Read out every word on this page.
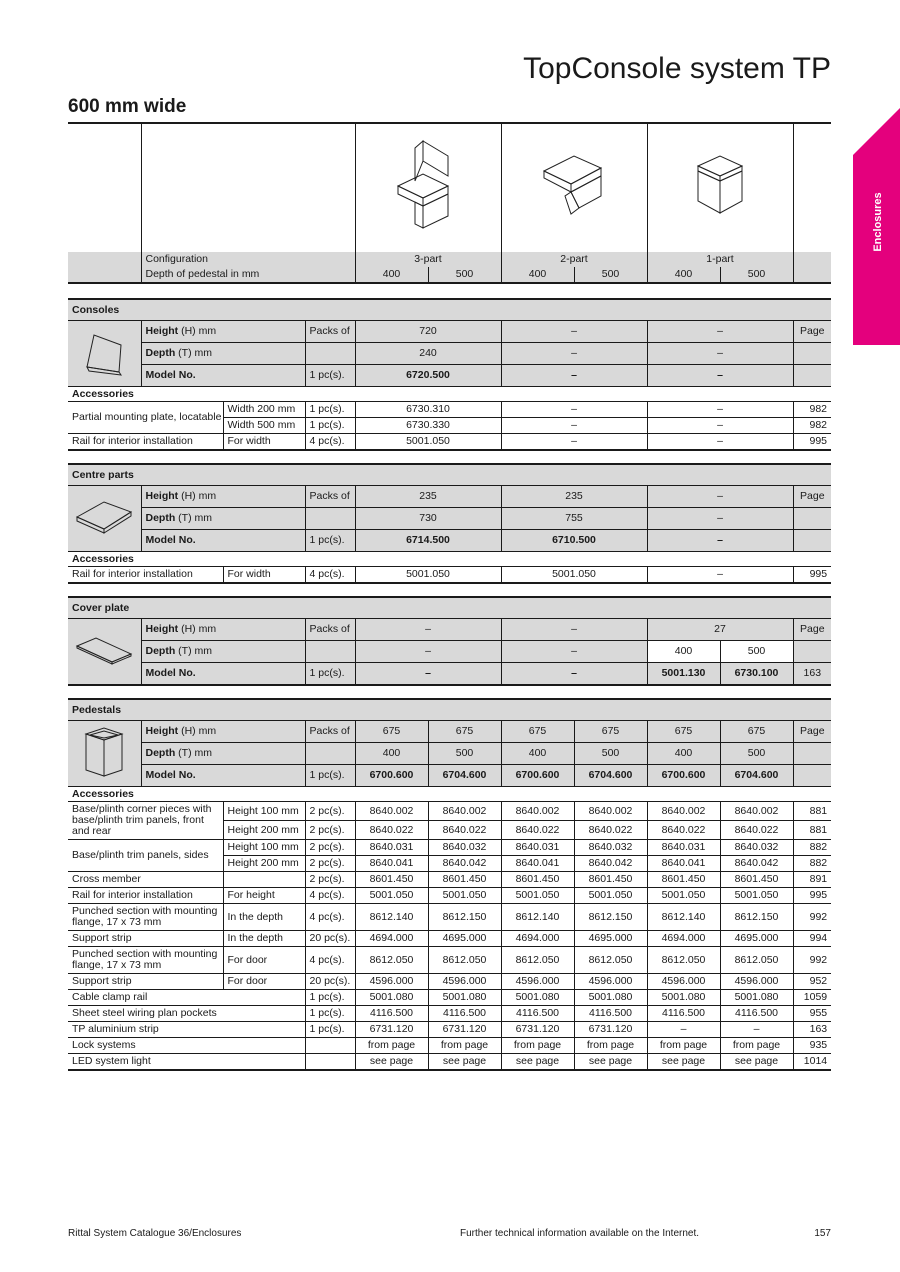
TopConsole system TP
600 mm wide
Enclosures

	Configuration	3-part		2-part		1-part		
	Depth of pedestal in mm	400	500	400	500	400	500	
Consoles							
	Height (H) mm		Packs of	720	–	–	Page
	Depth (T) mm			240	–	–	
	Model No.		1 pc(s).	6720.500	–	–	
Accessories							
Partial mounting plate, locatable		Width 200 mm	1 pc(s).	6730.310	–	–	982
		Width 500 mm	1 pc(s).	6730.330	–	–	982
Rail for interior installation		For width	4 pc(s).	5001.050	–	–	995
Centre parts							
	Height (H) mm		Packs of	235	235	–	Page
	Depth (T) mm			730	755	–	
	Model No.		1 pc(s).	6714.500	6710.500	–	
Accessories							
Rail for interior installation		For width	4 pc(s).	5001.050	5001.050	–	995
Cover plate							
	Height (H) mm	Packs of	–	–	27		Page
	Depth (T) mm		–	–	400	500	
	Model No.	1 pc(s).	–	–	5001.130	6730.100	163
Pedestals										
	Height (H) mm		Packs of	675	675	675	675	675	675	Page
	Depth (T) mm			400	500	400	500	400	500	
	Model No.		1 pc(s).	6700.600	6704.600	6700.600	6704.600	6700.600	6704.600	
Accessories										
Base/plinth corner pieces with base/plinth trim panels, front and rear		Height 100 mm	2 pc(s).	8640.002	8640.002	8640.002	8640.002	8640.002	8640.002	881
		Height 200 mm	2 pc(s).	8640.022	8640.022	8640.022	8640.022	8640.022	8640.022	881
Base/plinth trim panels, sides		Height 100 mm	2 pc(s).	8640.031	8640.032	8640.031	8640.032	8640.031	8640.032	882
		Height 200 mm	2 pc(s).	8640.041	8640.042	8640.041	8640.042	8640.041	8640.042	882
Cross member			2 pc(s).	8601.450	8601.450	8601.450	8601.450	8601.450	8601.450	891
Rail for interior installation		For height	4 pc(s).	5001.050	5001.050	5001.050	5001.050	5001.050	5001.050	995
Punched section with mounting flange, 17 x 73 mm		In the depth	4 pc(s).	8612.140	8612.150	8612.140	8612.150	8612.140	8612.150	992
Support strip		In the depth	20 pc(s).	4694.000	4695.000	4694.000	4695.000	4694.000	4695.000	994
Punched section with mounting flange, 17 x 73 mm		For door	4 pc(s).	8612.050	8612.050	8612.050	8612.050	8612.050	8612.050	992
Support strip		For door	20 pc(s).	4596.000	4596.000	4596.000	4596.000	4596.000	4596.000	952
Cable clamp rail			1 pc(s).	5001.080	5001.080	5001.080	5001.080	5001.080	5001.080	1059
Sheet steel wiring plan pockets			1 pc(s).	4116.500	4116.500	4116.500	4116.500	4116.500	4116.500	955
TP aluminium strip			1 pc(s).	6731.120	6731.120	6731.120	6731.120	–	–	163
Lock systems				from page	from page	from page	from page	from page	from page	935
LED system light				see page	see page	see page	see page	see page	see page	1014
Rittal System Catalogue 36/Enclosures	Further technical information available on the Internet.	157
